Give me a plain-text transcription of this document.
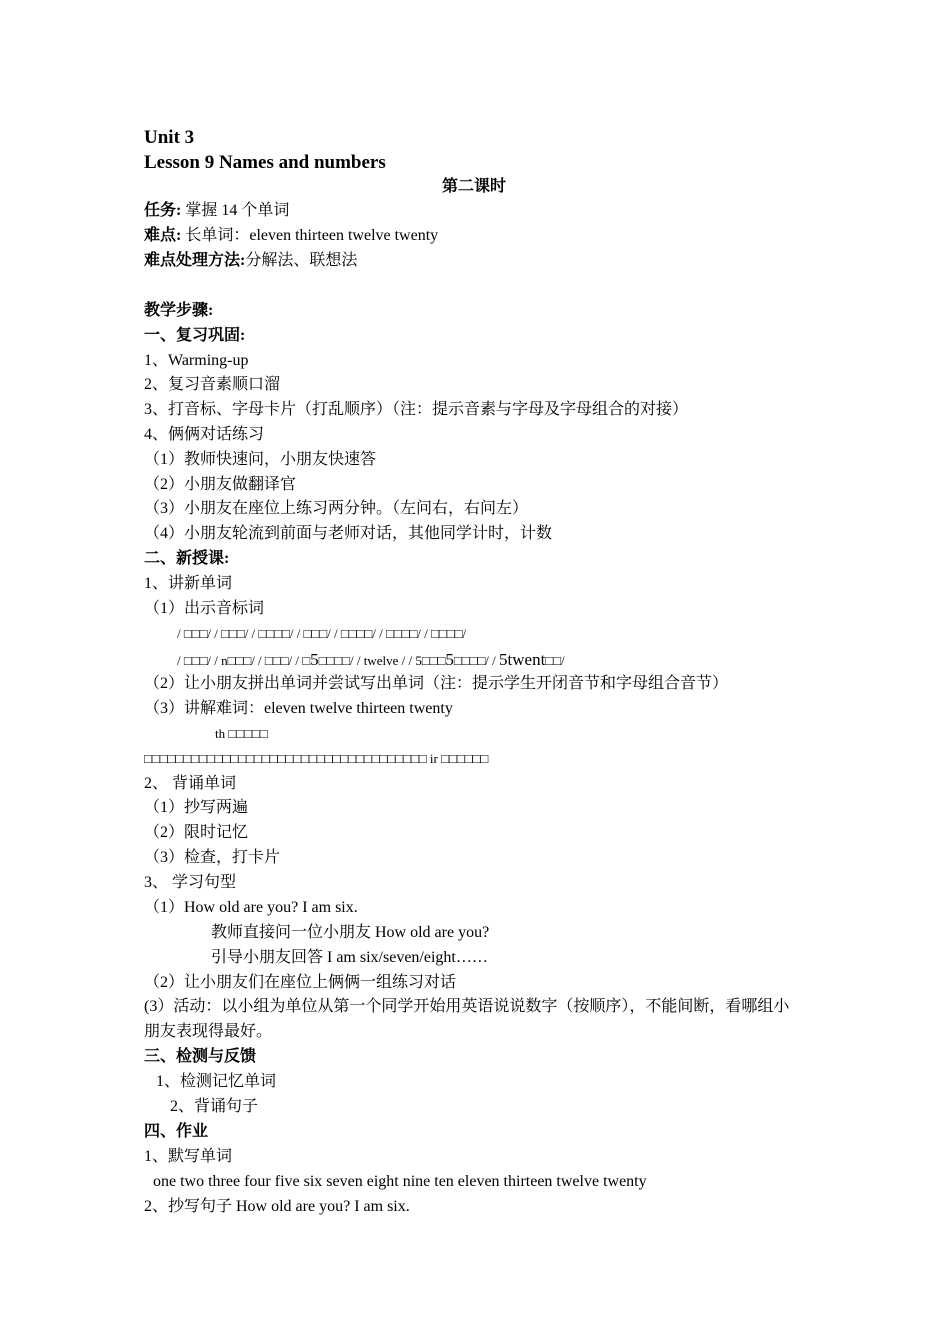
Unit 3
Lesson 9 Names and numbers
第二课时
任务: 掌握 14 个单词
难点: 长单词：eleven thirteen twelve twenty
难点处理方法:分解法、联想法
教学步骤:
一、复习巩固:
1、Warming-up
2、复习音素顺口溜
3、打音标、字母卡片（打乱顺序）（注：提示音素与字母及字母组合的对接）
4、俩俩对话练习
（1）教师快速问，小朋友快速答
（2）小朋友做翻译官
（3）小朋友在座位上练习两分钟。（左问右，右问左）
（4）小朋友轮流到前面与老师对话，其他同学计时，计数
二、新授课:
1、讲新单词
（1）出示音标词
/ □□□/ / □□□/ / □□□□/ / □□□/ / □□□□/ / □□□□/ / □□□□/
/ □□□/ / n□□□/ / □□□/ / □5□□□□/ / twelve / / 5□□□5□□□□/ / 5twent□□/
（2）让小朋友拼出单词并尝试写出单词（注：提示学生开闭音节和字母组合音节）
（3）讲解难词：eleven twelve thirteen twenty
th □□□□□
□□□□□□□□□□□□□□□□□□□□□□□□□□□□□□□□□□□□ ir □□□□□□
2、 背诵单词
（1）抄写两遍
（2）限时记忆
（3）检查，打卡片
3、 学习句型
（1）How old are you? I am six.
教师直接问一位小朋友 How old are you?
引导小朋友回答 I am six/seven/eight……
（2）让小朋友们在座位上俩俩一组练习对话
(3）活动：以小组为单位从第一个同学开始用英语说说数字（按顺序），不能间断，看哪组小
朋友表现得最好。
三、检测与反馈
1、检测记忆单词
2、背诵句子
四、作业
1、默写单词
one two three four five six seven eight nine ten eleven thirteen twelve twenty
2、抄写句子 How old are you? I am six.
